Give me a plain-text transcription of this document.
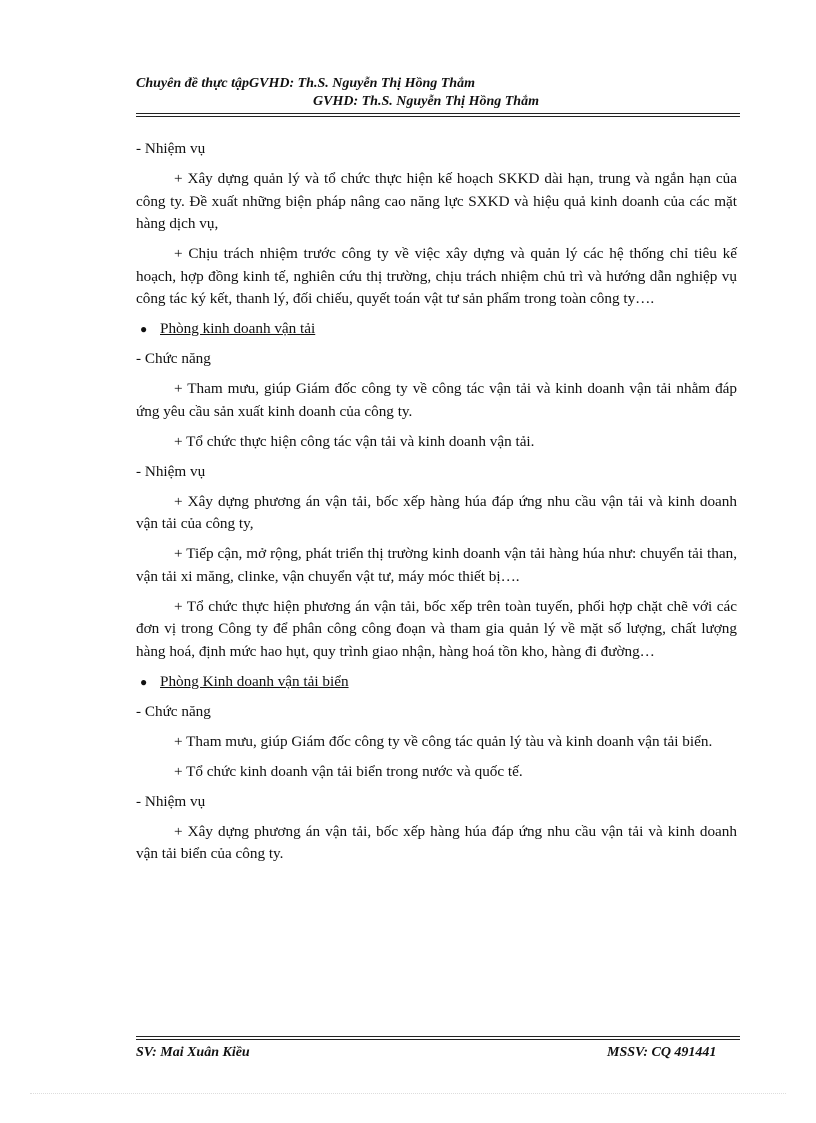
Chuyên đề thực tậpGVHD: Th.S. Nguyễn Thị Hồng Thắm
GVHD: Th.S. Nguyễn Thị Hồng Thắm

- Nhiệm vụ

+ Xây dựng quản lý và tổ chức thực hiện kế hoạch SKKD dài hạn, trung và ngắn hạn của công ty. Đề xuất những biện pháp nâng cao năng lực SXKD và hiệu quả kinh doanh của các mặt hàng dịch vụ,

+ Chịu trách nhiệm trước công ty về việc xây dựng và quản lý các hệ thống chỉ tiêu kế hoạch, hợp đồng kinh tế, nghiên cứu thị trường, chịu trách nhiệm chủ trì và hướng dẫn nghiệp vụ công tác ký kết, thanh lý, đối chiếu, quyết toán vật tư sản phẩm trong toàn công ty….

● Phòng kinh doanh vận tải

- Chức năng

+ Tham mưu, giúp Giám đốc công ty về công tác vận tải và kinh doanh vận tải nhằm đáp ứng yêu cầu sản xuất kinh doanh của công ty.

+ Tổ chức thực hiện công tác vận tải và kinh doanh vận tải.

- Nhiệm vụ

+ Xây dựng phương án vận tải, bốc xếp hàng húa đáp ứng nhu cầu vận tải và kinh doanh vận tải của công ty,

+ Tiếp cận, mở rộng, phát triển thị trường kinh doanh vận tải hàng húa như: chuyển tải than, vận tải xi măng, clinke, vận chuyển vật tư, máy móc thiết bị….

+ Tổ chức thực hiện phương án vận tải, bốc xếp trên toàn tuyến, phối hợp chặt chẽ với các đơn vị trong Công ty để phân công công đoạn và tham gia quản lý về mặt số lượng, chất lượng hàng hoá, định mức hao hụt, quy trình giao nhận, hàng hoá tồn kho, hàng đi đường…

● Phòng Kinh doanh vận tải biển

- Chức năng

+ Tham mưu, giúp Giám đốc công ty về công tác quản lý tàu và kinh doanh vận tải biển.

+ Tổ chức kinh doanh vận tải biển trong nước và quốc tế.

- Nhiệm vụ

+ Xây dựng phương án vận tải, bốc xếp hàng húa đáp ứng nhu cầu vận tải và kinh doanh vận tải biển của công ty.

SV: Mai Xuân Kiều	MSSV: CQ 491441
